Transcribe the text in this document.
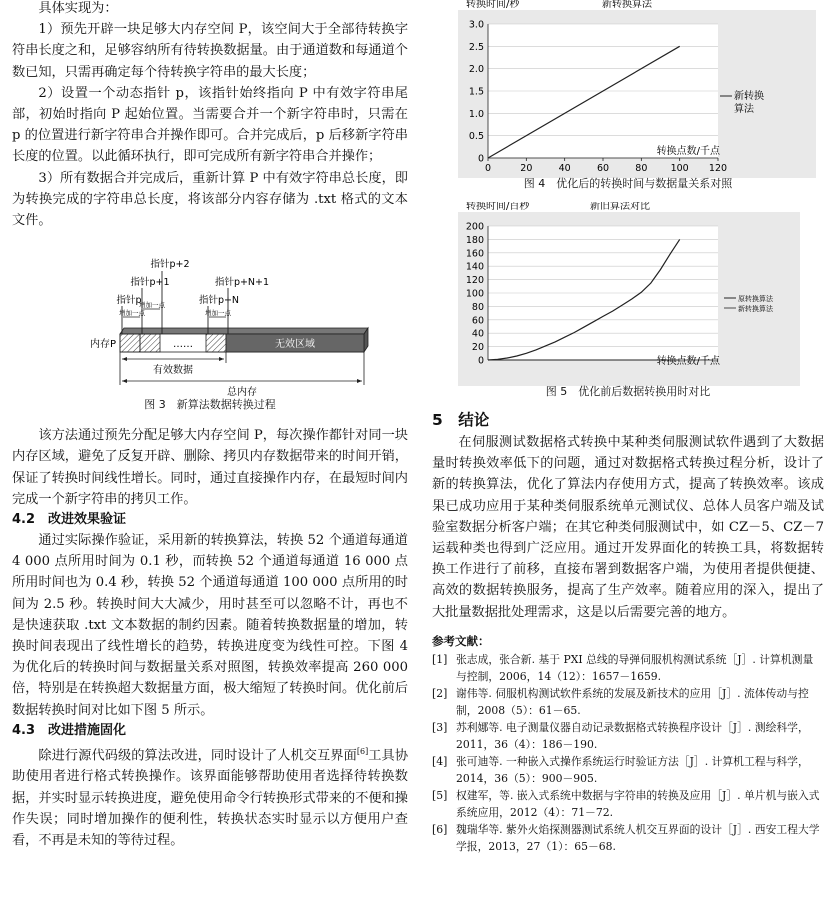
具体实现为：

1）预先开辟一块足够大内存空间 P，该空间大于全部待转换字符串长度之和，足够容纳所有待转换数据量。由于通道数和每通道个数已知，只需再确定每个待转换字符串的最大长度；

2）设置一个动态指针 p，该指针始终指向 P 中有效字符串尾部，初始时指向 P 起始位置。当需要合并一个新字符串时，只需在 p 的位置进行新字符串合并操作即可。合并完成后，p 后移新字符串长度的位置。以此循环执行，即可完成所有新字符串合并操作；

3）所有数据合并完成后，重新计算 P 中有效字符串总长度，即为转换完成的字符串总长度，将该部分内容存储为 .txt 格式的文本文件。

无效区域
……
内存P
指针p+2
指针p+1
指针p	指针p+N
指针p+N+1
增加一点
增加一点
增加一点
有效数据
总内存

图 3　新算法数据转换过程

该方法通过预先分配足够大内存空间 P，每次操作都针对同一块内存区域，避免了反复开辟、删除、拷贝内存数据带来的时间开销，保证了转换时间线性增长。同时，通过直接操作内存，在最短时间内完成一个新字符串的拷贝工作。

4.2　改进效果验证

通过实际操作验证，采用新的转换算法，转换 52 个通道每通道 4 000 点所用时间为 0.1 秒，而转换 52 个通道每通道 16 000 点所用时间也为 0.4 秒，转换 52 个通道每通道 100 000 点所用的时间为 2.5 秒。转换时间大大减少，用时甚至可以忽略不计，再也不是快速获取 .txt 文本数据的制约因素。随着转换数据量的增加，转换时间表现出了线性增长的趋势，转换进度变为线性可控。下图 4 为优化后的转换时间与数据量关系对照图，转换效率提高 260 000 倍，特别是在转换超大数据量方面，极大缩短了转换时间。优化前后数据转换时间对比如下图 5 所示。

4.3　改进措施固化

除进行源代码级的算法改进，同时设计了人机交互界面[6]工具协助使用者进行格式转换操作。该界面能够帮助使用者选择待转换数据，并实时显示转换进度，避免使用命令行转换形式带来的不便和操作失误；同时增加操作的便利性，转换状态实时显示以方便用户查看，不再是未知的等待过程。

0
0.5
1.0
1.5
2.0
2.5
3.0
0	20	40	60	80 100 120
转换时间/秒	新转换算法
转换点数/千点
新转换
算法

图 4　优化后的转换时间与数据量关系对照

0
20
40
60
80
100
120
140
160
180
200
转换时间/百秒	新旧算法对比
转换点数/千点
原转换算法
新转换算法

图 5　优化前后数据转换用时对比

5　结论

在伺服测试数据格式转换中某种类伺服测试软件遇到了大数据量时转换效率低下的问题，通过对数据格式转换过程分析，设计了新的转换算法，优化了算法内存使用方式，提高了转换效率。该成果已成功应用于某种类伺服系统单元测试仪、总体人员客户端及试验室数据分析客户端；在其它种类伺服测试中，如 CZ－5、CZ－7 运载种类也得到广泛应用。通过开发界面化的转换工具，将数据转换工作进行了前移，直接布署到数据客户端，为使用者提供便捷、高效的数据转换服务，提高了生产效率。随着应用的深入，提出了大批量数据批处理需求，这是以后需要完善的地方。

参考文献：
[1] 张志成，张合新. 基于 PXI 总线的导弹伺服机构测试系统［J］. 计算机测量与控制，2006，14（12）：1657－1659.
[2] 谢伟等. 伺服机构测试软件系统的发展及新技术的应用［J］. 流体传动与控制，2008（5）：61－65.
[3] 苏利娜等. 电子测量仪器自动记录数据格式转换程序设计［J］. 测绘科学，2011，36（4）：186－190.
[4] 张可迪等. 一种嵌入式操作系统运行时验证方法［J］. 计算机工程与科学，2014，36（5）：900－905.
[5] 权建军，等. 嵌入式系统中数据与字符串的转换及应用［J］. 单片机与嵌入式系统应用，2012（4）：71－72.
[6] 魏瑞华等. 紫外火焰探测器测试系统人机交互界面的设计［J］. 西安工程大学学报，2013，27（1）：65－68.
